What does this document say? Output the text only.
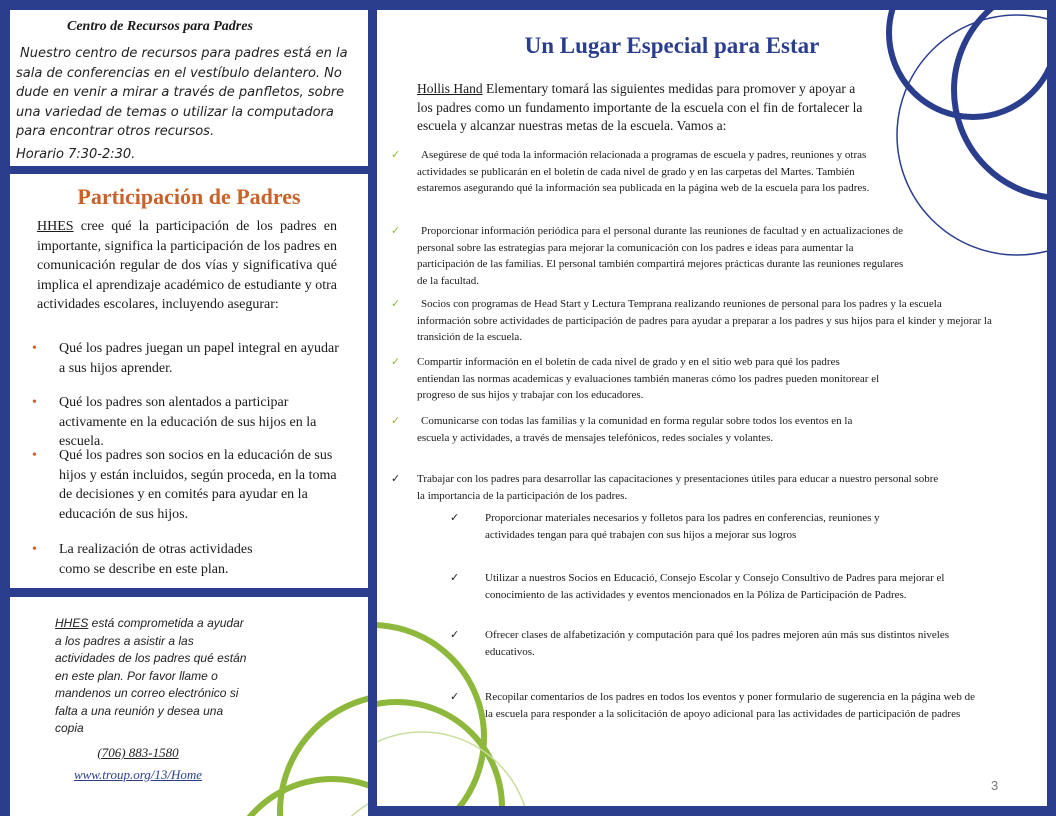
Centro de Recursos para Padres
Nuestro centro de recursos para padres está en la sala de conferencias en el vestíbulo delantero. No dude en venir a mirar a través de panfletos, sobre una variedad de temas o utilizar la computadora para encontrar otros recursos.
Horario 7:30-2:30.
Participación de Padres
HHES cree qué la participación de los padres en importante, significa la participación de los padres en comunicación regular de dos vías y significativa qué implica el aprendizaje académico de estudiante y otra actividades escolares, incluyendo asegurar:
• Qué los padres juegan un papel integral en ayudar a sus hijos aprender.
• Qué los padres son alentados a participar activamente en la educación de sus hijos en la escuela.
• Qué los padres son socios en la educación de sus hijos y están incluidos, según proceda, en la toma de decisiones y en comités para ayudar en la educación de sus hijos.
• La realización de otras actividades como se describe en este plan.
HHES está comprometida a ayudar a los padres a asistir a las actividades de los padres qué están en este plan. Por favor llame o mandenos un correo electrónico si falta a una reunión y desea una copia
(706) 883-1580
www.troup.org/13/Home
Un Lugar Especial para Estar
Hollis Hand Elementary tomará las siguientes medidas para promover y apoyar a los padres como un fundamento importante de la escuela con el fin de fortalecer la escuela y alcanzar nuestras metas de la escuela. Vamos a:
✓	Asegúrese de qué toda la información relacionada a programas de escuela y padres, reuniones y otras actividades se publicarán en el boletín de cada nivel de grado y en las carpetas del Martes. También estaremos asegurando qué la información sea publicada en la página web de la escuela para los padres.
✓	Proporcionar información periódica para el personal durante las reuniones de facultad y en actualizaciones de personal sobre las estrategias para mejorar la comunicación con los padres e ideas para aumentar la participación de las familias. El personal también compartirá mejores prácticas durante las reuniones regulares de la facultad.
✓	Socios con programas de Head Start y Lectura Temprana realizando reuniones de personal para los padres y la escuela información sobre actividades de participación de padres para ayudar a preparar a los padres y sus hijos para el kinder y mejorar la transición de la escuela.
✓ Compartir información en el boletín de cada nivel de grado y en el sitio web para qué los padres entiendan las normas academicas y evaluaciones también maneras cómo los padres pueden monitorear el progreso de sus hijos y trabajar con los educadores.
✓	Comunicarse con todas las familias y la comunidad en forma regular sobre todos los eventos en la escuela y actividades, a través de mensajes telefónicos, redes sociales y volantes.
✓ Trabajar con los padres para desarrollar las capacitaciones y presentaciones útiles para educar a nuestro personal sobre la importancia de la participación de los padres.
✓ Proporcionar materiales necesarios y folletos para los padres en conferencias, reuniones y actividades tengan para qué trabajen con sus hijos a mejorar sus logros
✓ Utilizar a nuestros Socios en Educació, Consejo Escolar y Consejo Consultivo de Padres para mejorar el conocimiento de las actividades y eventos mencionados en la Póliza de Participación de Padres.
✓ Ofrecer clases de alfabetización y computación para qué los padres mejoren aún más sus distintos niveles educativos.
✓ Recopilar comentarios de los padres en todos los eventos y poner formulario de sugerencia en la página web de la escuela para responder a la solicitación de apoyo adicional para las actividades de participación de padres
3
